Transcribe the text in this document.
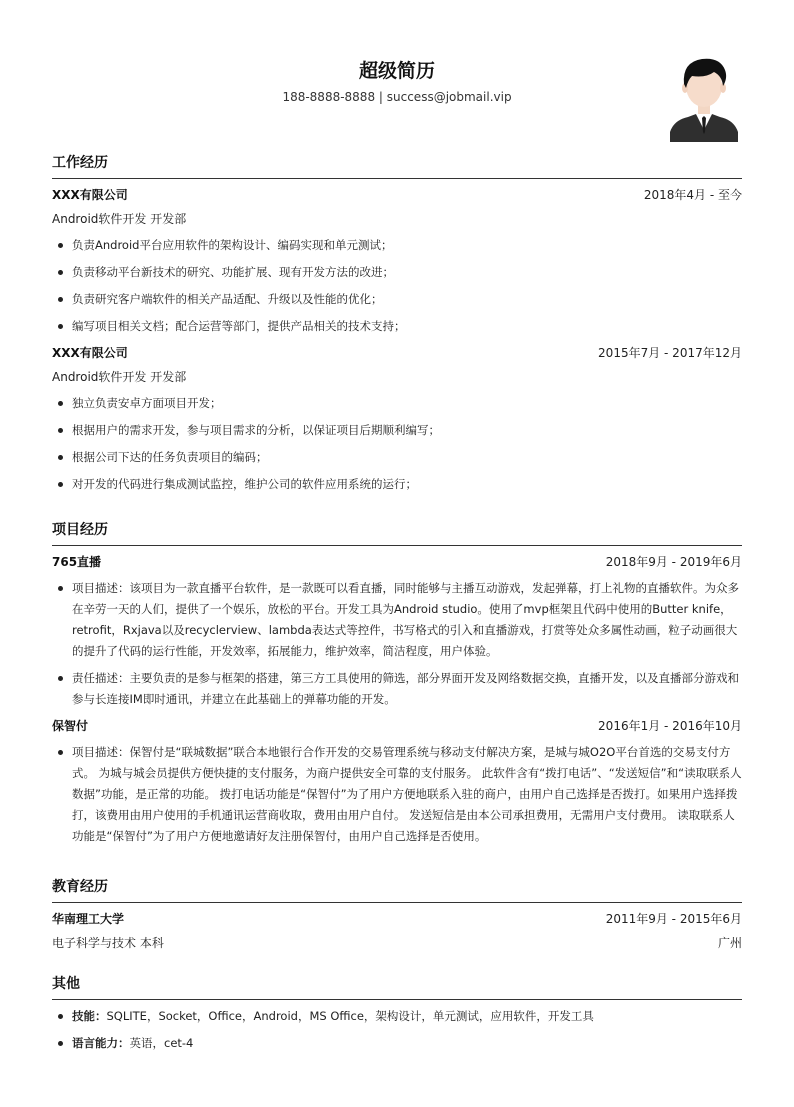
超级简历
188-8888-8888 | success@jobmail.vip
工作经历
XXX有限公司	2018年4月 - 至今
Android软件开发 开发部
负责Android平台应用软件的架构设计、编码实现和单元测试；
负责移动平台新技术的研究、功能扩展、现有开发方法的改进；
负责研究客户端软件的相关产品适配、升级以及性能的优化；
编写项目相关文档；配合运营等部门，提供产品相关的技术支持；
XXX有限公司	2015年7月 - 2017年12月
Android软件开发 开发部
独立负责安卓方面项目开发；
根据用户的需求开发，参与项目需求的分析，以保证项目后期顺利编写；
根据公司下达的任务负责项目的编码；
对开发的代码进行集成测试监控，维护公司的软件应用系统的运行；
项目经历
765直播	2018年9月 - 2019年6月
项目描述：该项目为一款直播平台软件，是一款既可以看直播，同时能够与主播互动游戏，发起弹幕，打上礼物的直播软件。为众多在辛劳一天的人们，提供了一个娱乐，放松的平台。开发工具为Android studio。使用了mvp框架且代码中使用的Butter knife，retrofit，Rxjava以及recyclerview、lambda表达式等控件，书写格式的引入和直播游戏，打赏等处众多属性动画，粒子动画很大的提升了代码的运行性能，开发效率，拓展能力，维护效率，简洁程度，用户体验。
责任描述：主要负责的是参与框架的搭建，第三方工具使用的筛选，部分界面开发及网络数据交换，直播开发，以及直播部分游戏和参与长连接IM即时通讯，并建立在此基础上的弹幕功能的开发。
保智付	2016年1月 - 2016年10月
项目描述：保智付是“联城数据”联合本地银行合作开发的交易管理系统与移动支付解决方案，是城与城O2O平台首选的交易支付方式。 为城与城会员提供方便快捷的支付服务，为商户提供安全可靠的支付服务。 此软件含有“拨打电话”、“发送短信”和“读取联系人数据”功能，是正常的功能。 拨打电话功能是“保智付”为了用户方便地联系入驻的商户，由用户自己选择是否拨打。如果用户选择拨打，该费用由用户使用的手机通讯运营商收取，费用由用户自付。 发送短信是由本公司承担费用，无需用户支付费用。 读取联系人功能是“保智付”为了用户方便地邀请好友注册保智付，由用户自己选择是否使用。
教育经历
华南理工大学	2011年9月 - 2015年6月
电子科学与技术 本科	广州
其他
技能：SQLITE，Socket，Office，Android，MS Office，架构设计，单元测试，应用软件，开发工具
语言能力：英语，cet-4
